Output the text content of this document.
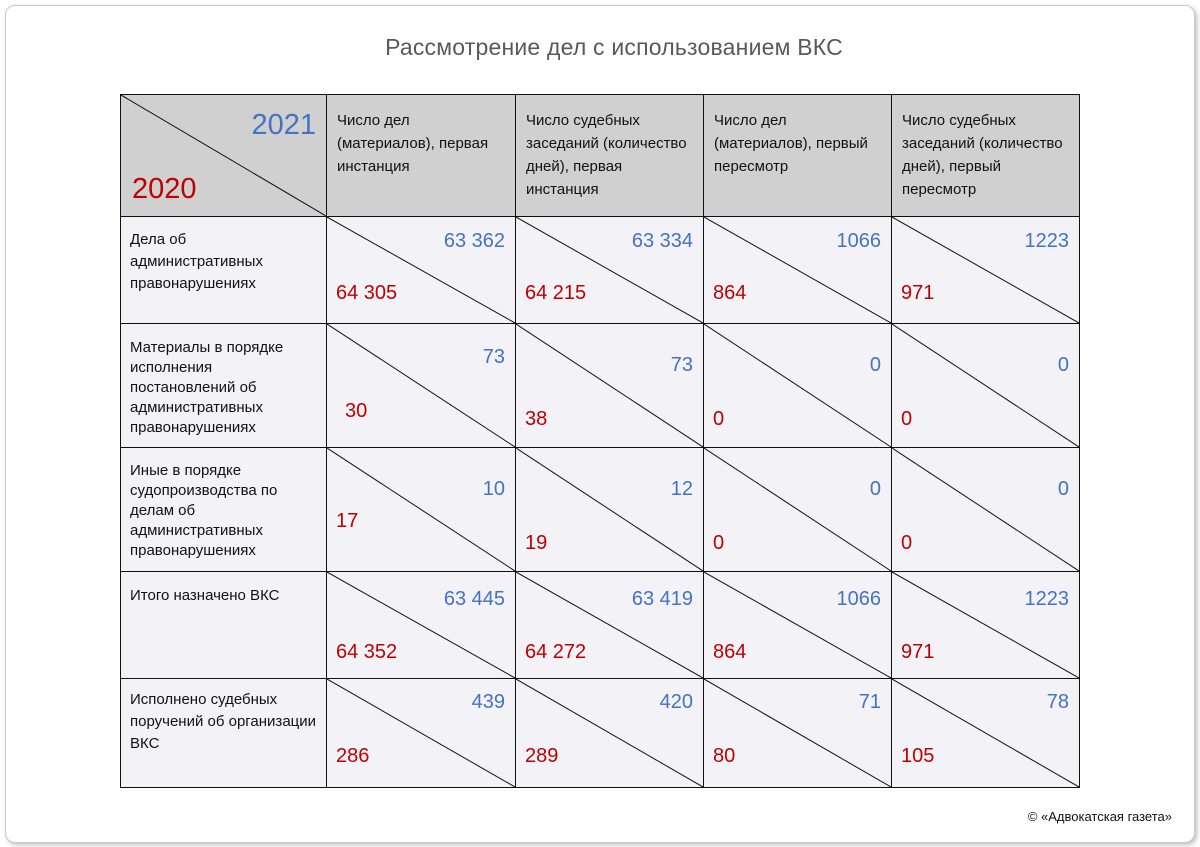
Рассмотрение дел с использованием ВКС
2021
2020
Число дел (материалов), первая инстанция
Число судебных заседаний (количество дней), первая инстанция
Число дел (материалов), первый пересмотр
Число судебных заседаний (количество дней), первый пересмотр
Дела об административных правонарушениях
63 362
64 305
63 334
64 215
1066
864
1223
971
Материалы в порядке исполнения постановлений об административных правонарушениях
73
30
73
38
0
0
0
0
Иные в порядке судопроизводства по делам об административных правонарушениях
10
17
12
19
0
0
0
0
Итого назначено ВКС	63 445
64 352
63 419
64 272
1066
864
1223
971
Исполнено судебных поручений об организации ВКС
439
286
420
289
71
80
78
105
© «Адвокатская газета»
